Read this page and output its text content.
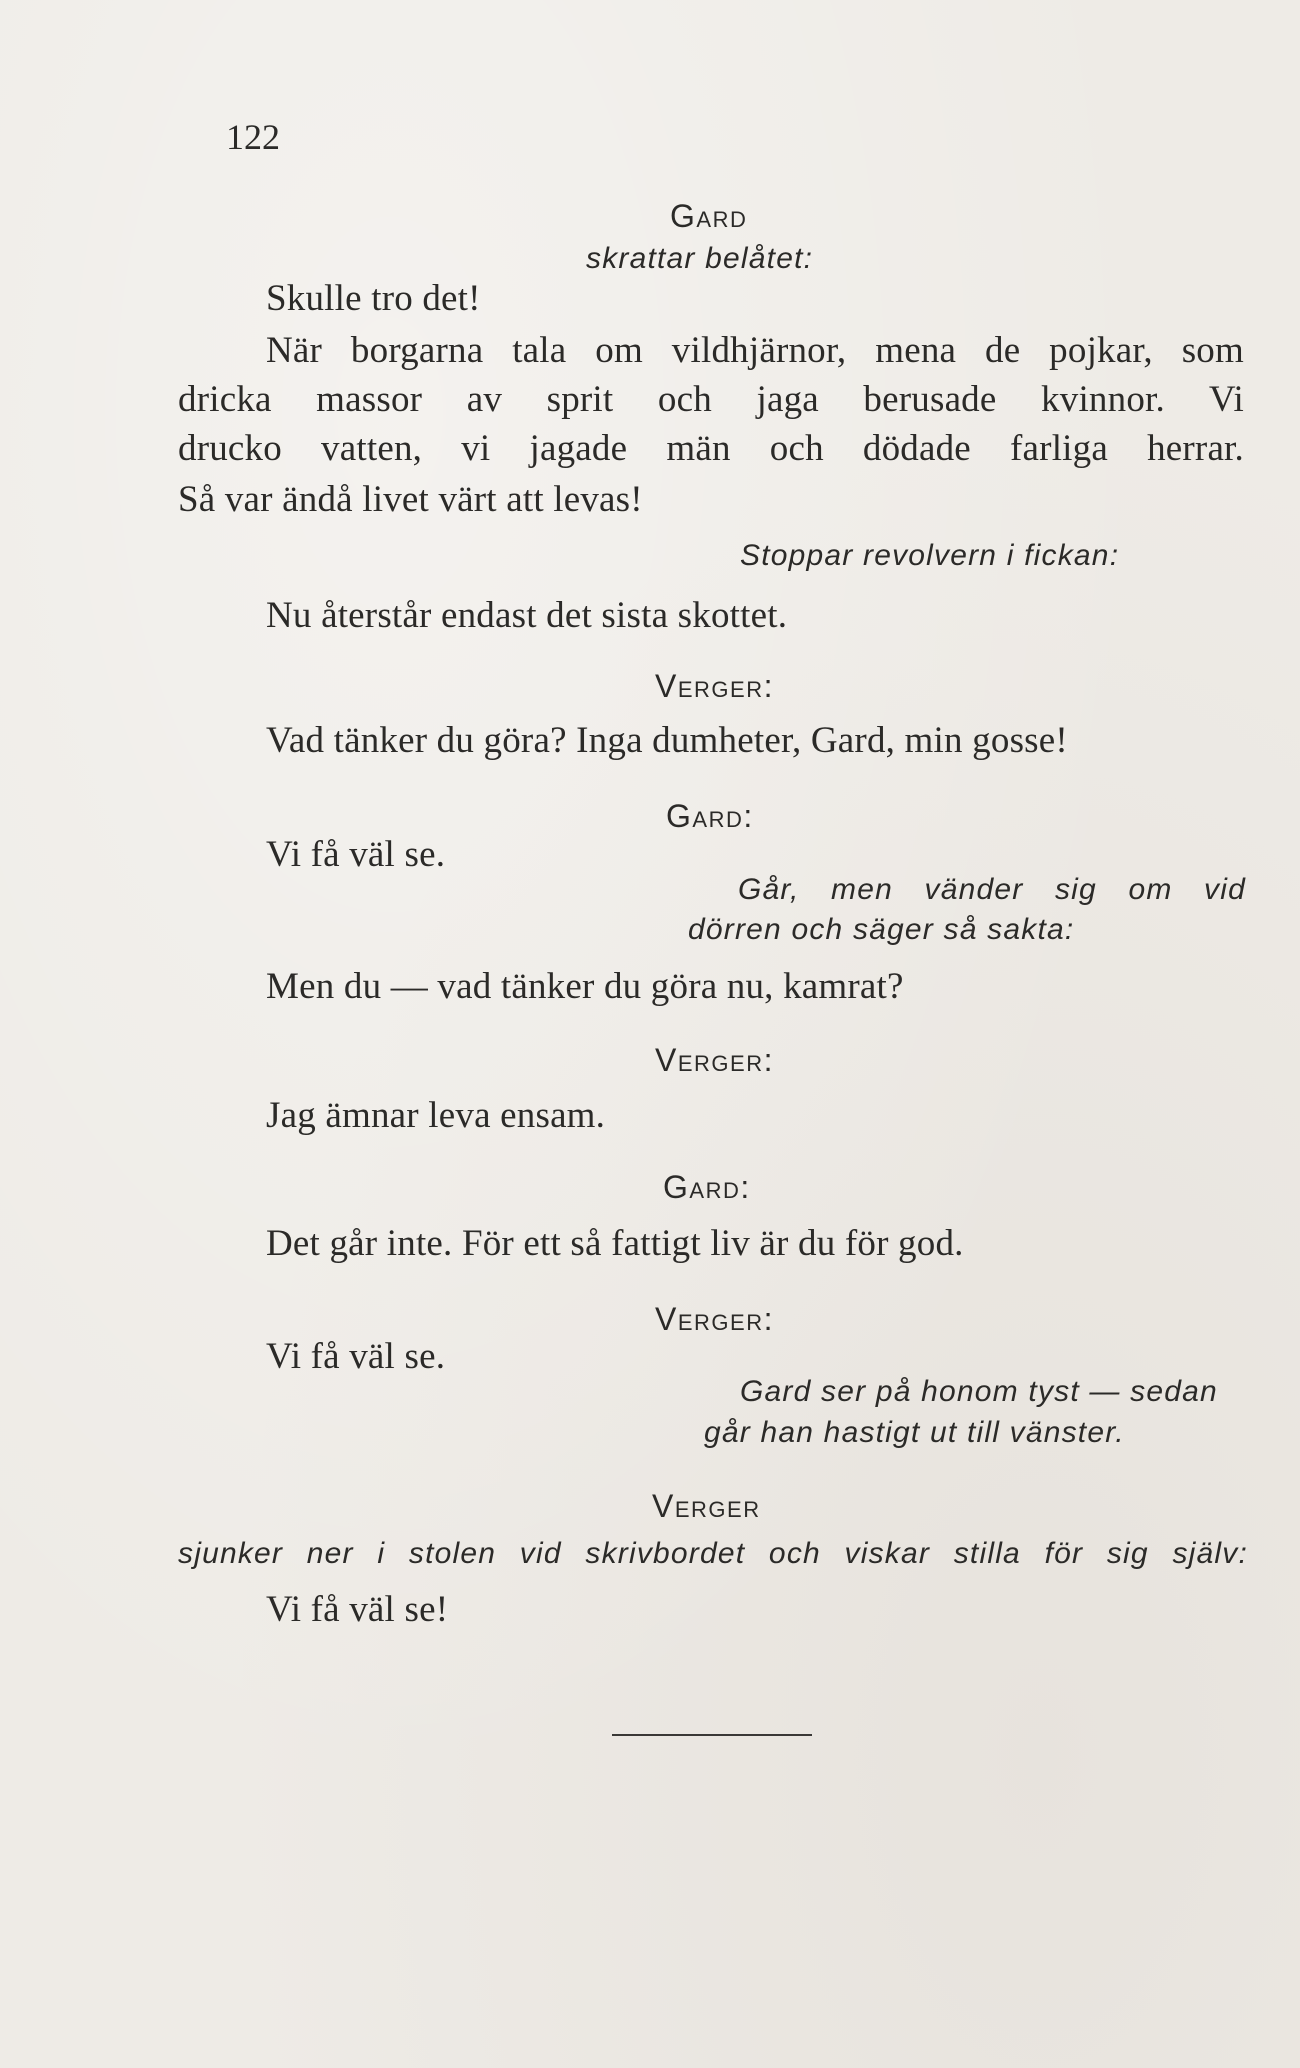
122
Gard
skrattar belåtet:
Skulle tro det!
När borgarna tala om vildhjärnor, mena de pojkar, som
dricka massor av sprit och jaga berusade kvinnor. Vi
drucko vatten, vi jagade män och dödade farliga herrar.
Så var ändå livet värt att levas!
Stoppar revolvern i fickan:
Nu återstår endast det sista skottet.
Verger:
Vad tänker du göra? Inga dumheter, Gard, min gosse!
Gard:
Vi få väl se.
Går, men vänder sig om vid
dörren och säger så sakta:
Men du — vad tänker du göra nu, kamrat?
Verger:
Jag ämnar leva ensam.
Gard:
Det går inte. För ett så fattigt liv är du för god.
Verger:
Vi få väl se.
Gard ser på honom tyst — sedan
går han hastigt ut till vänster.
Verger
sjunker ner i stolen vid skrivbordet och viskar stilla för sig själv:
Vi få väl se!
